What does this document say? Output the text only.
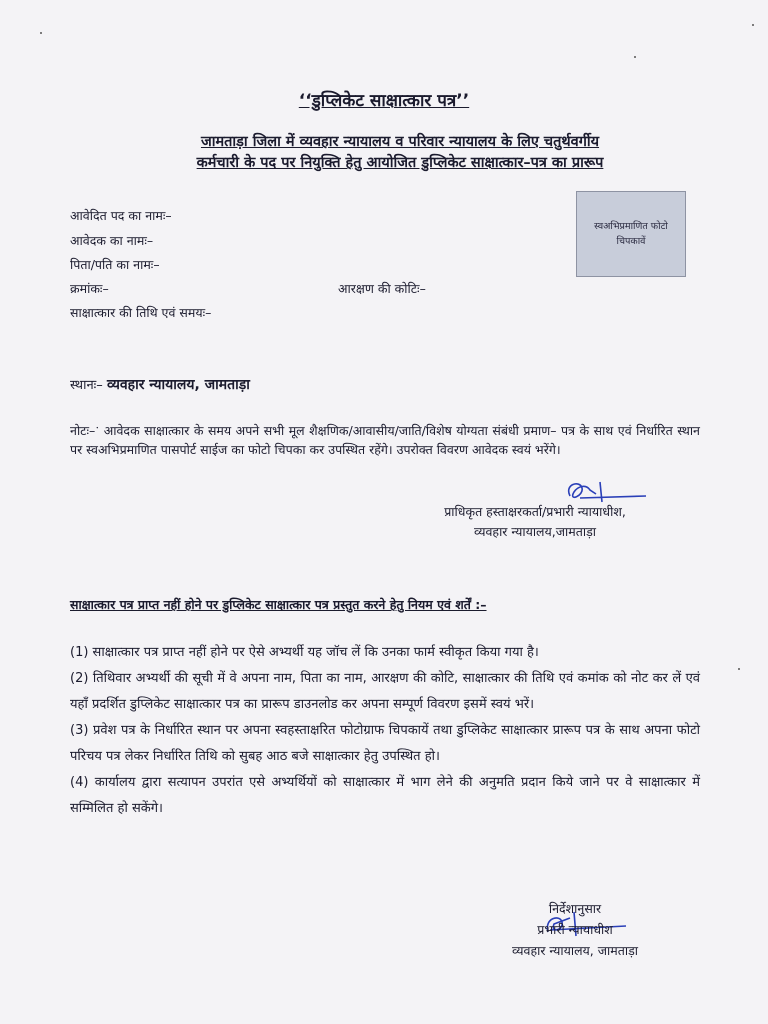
‘‘डुप्लिकेट साक्षात्कार पत्र’’
जामताड़ा जिला में व्यवहार न्यायालय व परिवार न्यायालय के लिए चतुर्थवर्गीय
कर्मचारी के पद पर नियुक्ति हेतु आयोजित डुप्लिकेट साक्षात्कार–पत्र का प्रारूप
स्वअभिप्रमाणित फोटो
चिपकावें
आवेदित पद का नामः–
आवेदक का नामः–
पिता/पति का नामः–
क्रमांकः–	आरक्षण की कोटिः–
साक्षात्कार की तिथि एवं समयः–
स्थानः– व्यवहार न्यायालय, जामताड़ा
नोटः–ॱ आवेदक साक्षात्कार के समय अपने सभी मूल शैक्षणिक/आवासीय/जाति/विशेष योग्यता संबंधी प्रमाण– पत्र के साथ एवं निर्धारित स्थान पर स्वअभिप्रमाणित पासपोर्ट साईज का फोटो चिपका कर उपस्थित रहेंगे। उपरोक्त विवरण आवेदक स्वयं भरेंगे।
प्राधिकृत हस्ताक्षरकर्ता/प्रभारी न्यायाधीश,
व्यवहार न्यायालय,जामताड़ा
साक्षात्कार पत्र प्राप्त नहीं होने पर डुप्लिकेट साक्षात्कार पत्र प्रस्तुत करने हेतु नियम एवं शर्तें :–

(1) साक्षात्कार पत्र प्राप्त नहीं होने पर ऐसे अभ्यर्थी यह जॉच लें कि उनका फार्म स्वीकृत किया गया है।

(2) तिथिवार अभ्यर्थी की सूची में वे अपना नाम, पिता का नाम, आरक्षण की कोटि, साक्षात्कार की तिथि एवं कमांक को नोट कर लें एवं यहाँ प्रदर्शित डुप्लिकेट साक्षात्कार पत्र का प्रारूप डाउनलोड कर अपना सम्पूर्ण विवरण इसमें स्वयं भरें।

(3) प्रवेश पत्र के निर्धारित स्थान पर अपना स्वहस्ताक्षरित फोटोग्राफ चिपकायें तथा डुप्लिकेट साक्षात्कार प्रारूप पत्र के साथ अपना फोटो परिचय पत्र लेकर निर्धारित तिथि को सुबह आठ बजे साक्षात्कार हेतु उपस्थित हो।

(4) कार्यालय द्वारा सत्यापन उपरांत एसे अभ्यर्थियों को साक्षात्कार में भाग लेने की अनुमति प्रदान किये जाने पर वे साक्षात्कार में सम्मिलित हो सकेंगे।

निर्देशानुसार
प्रभारी न्यायाधीश
व्यवहार न्यायालय, जामताड़ा
